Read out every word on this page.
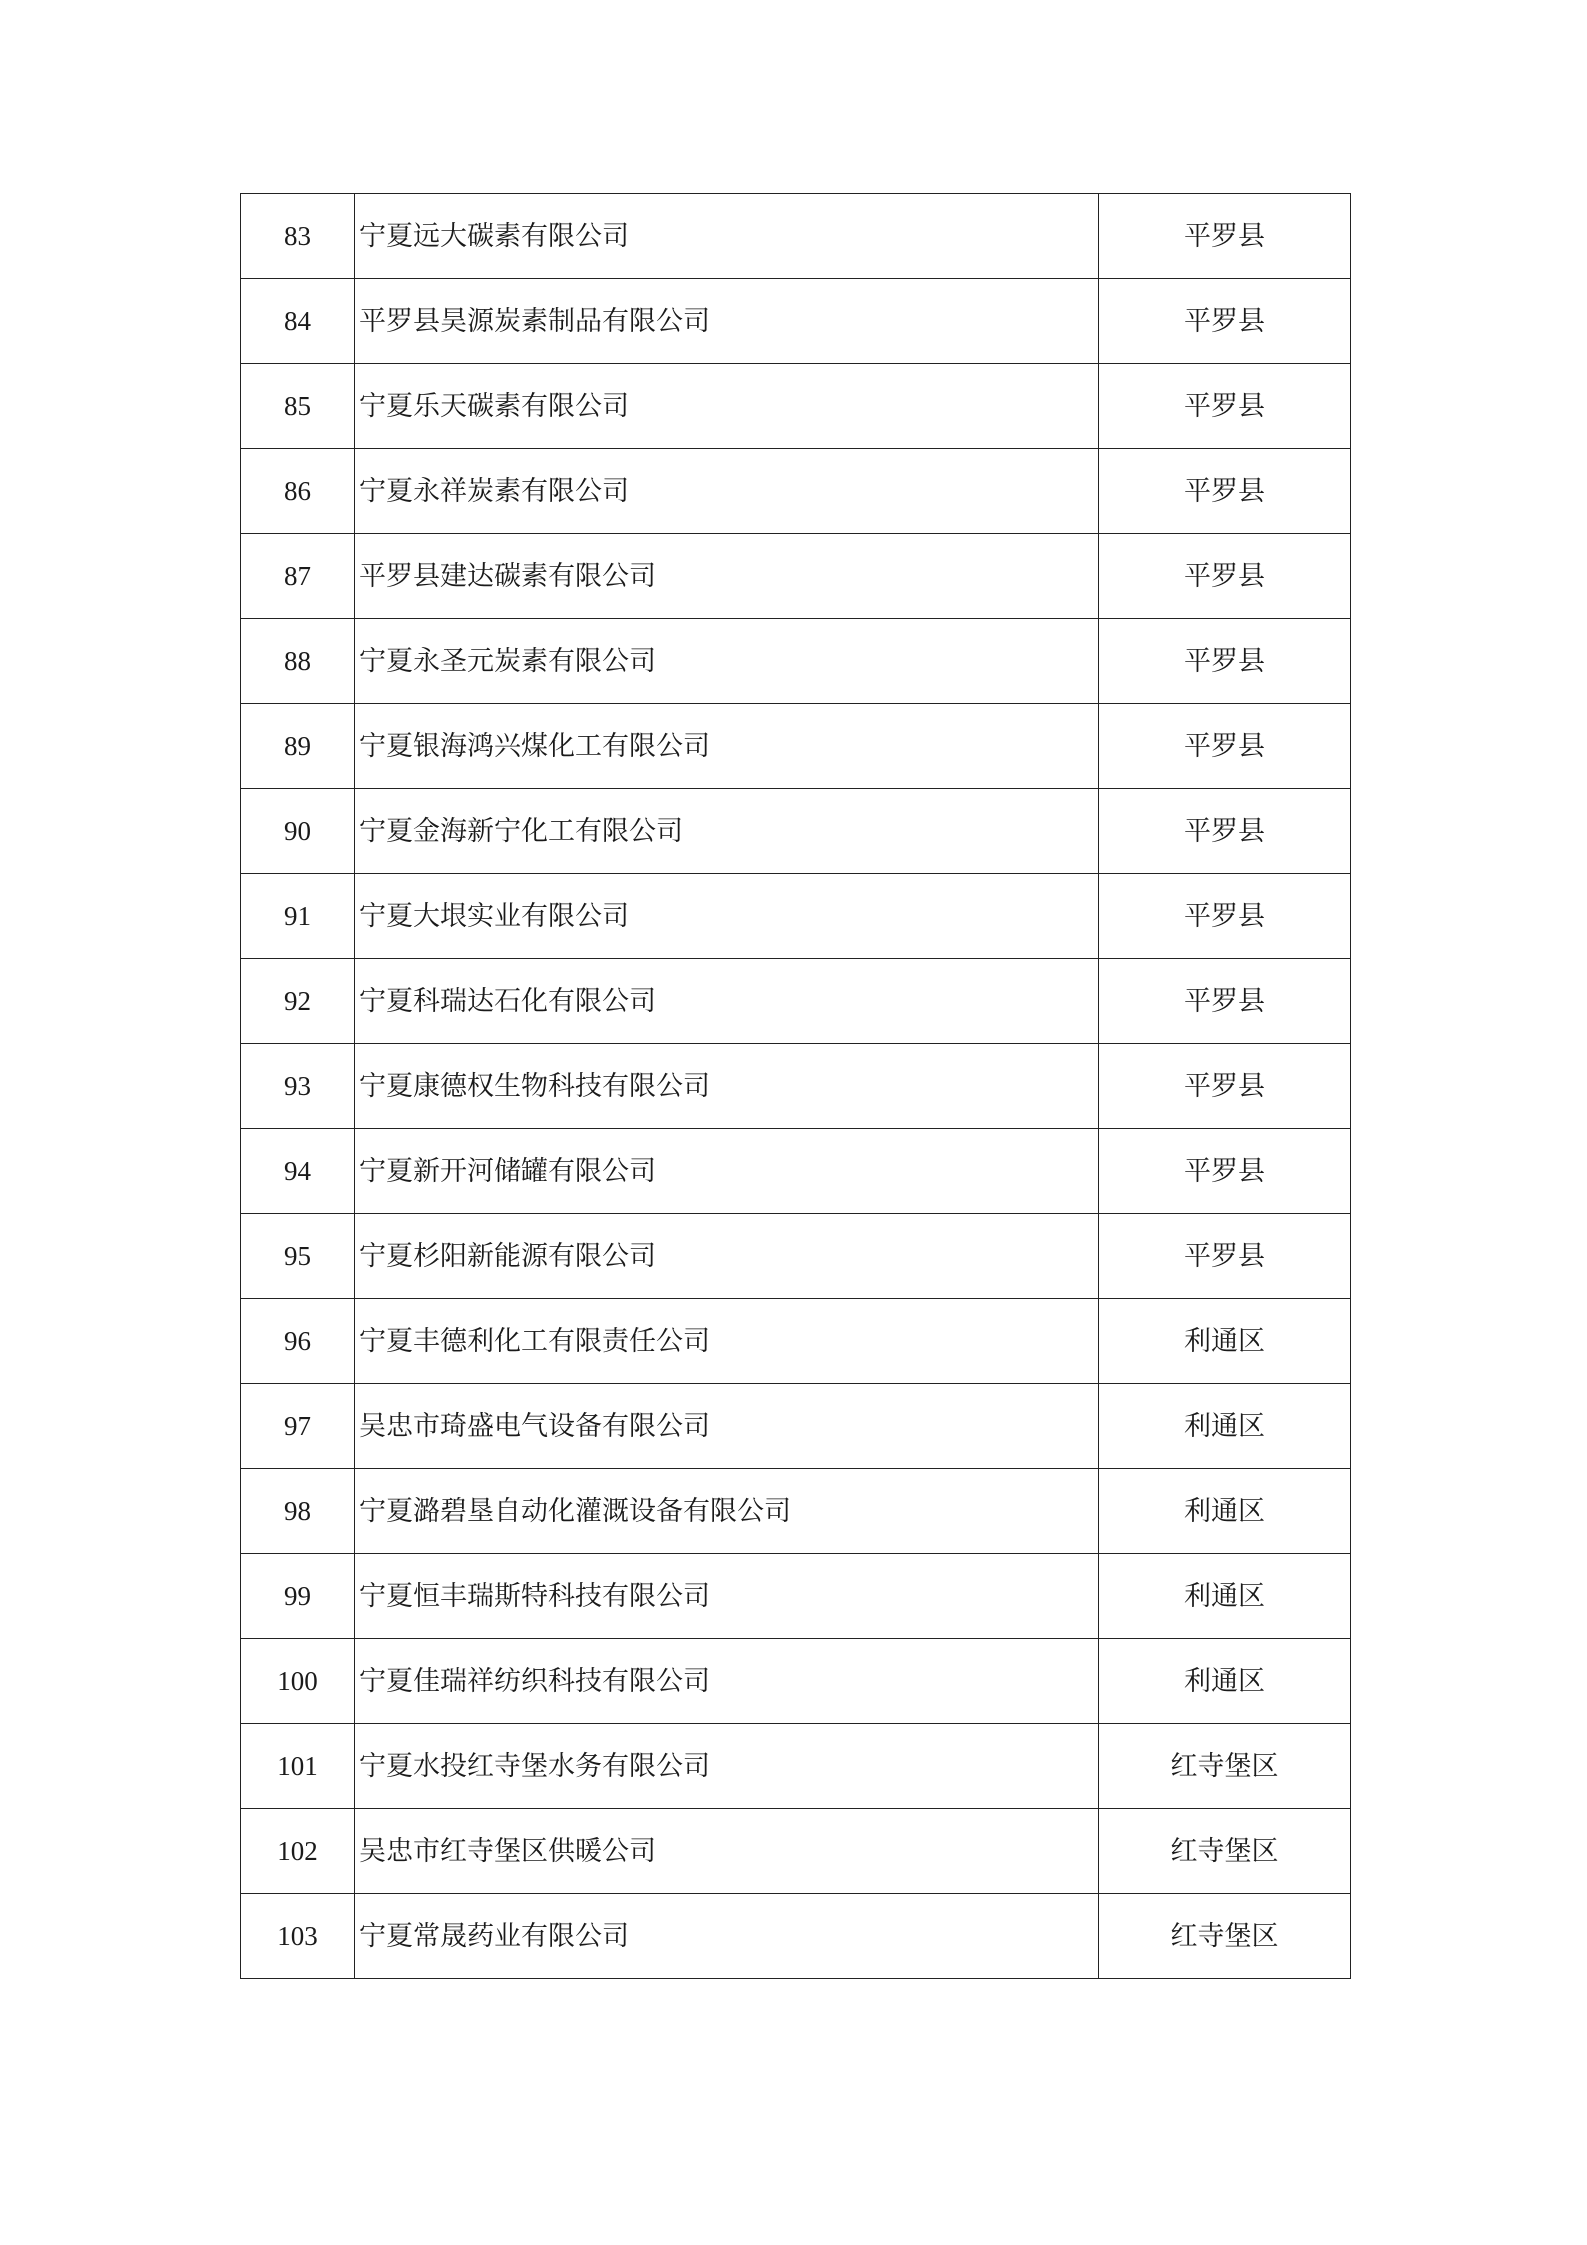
83	宁夏远大碳素有限公司	平罗县
84	平罗县昊源炭素制品有限公司	平罗县
85	宁夏乐天碳素有限公司	平罗县
86	宁夏永祥炭素有限公司	平罗县
87	平罗县建达碳素有限公司	平罗县
88	宁夏永圣元炭素有限公司	平罗县
89	宁夏银海鸿兴煤化工有限公司	平罗县
90	宁夏金海新宁化工有限公司	平罗县
91	宁夏大垠实业有限公司	平罗县
92	宁夏科瑞达石化有限公司	平罗县
93	宁夏康德权生物科技有限公司	平罗县
94	宁夏新开河储罐有限公司	平罗县
95	宁夏杉阳新能源有限公司	平罗县
96	宁夏丰德利化工有限责任公司	利通区
97	吴忠市琦盛电气设备有限公司	利通区
98	宁夏潞碧垦自动化灌溉设备有限公司	利通区
99	宁夏恒丰瑞斯特科技有限公司	利通区
100	宁夏佳瑞祥纺织科技有限公司	利通区
101	宁夏水投红寺堡水务有限公司	红寺堡区
102	吴忠市红寺堡区供暖公司	红寺堡区
103	宁夏常晟药业有限公司	红寺堡区
